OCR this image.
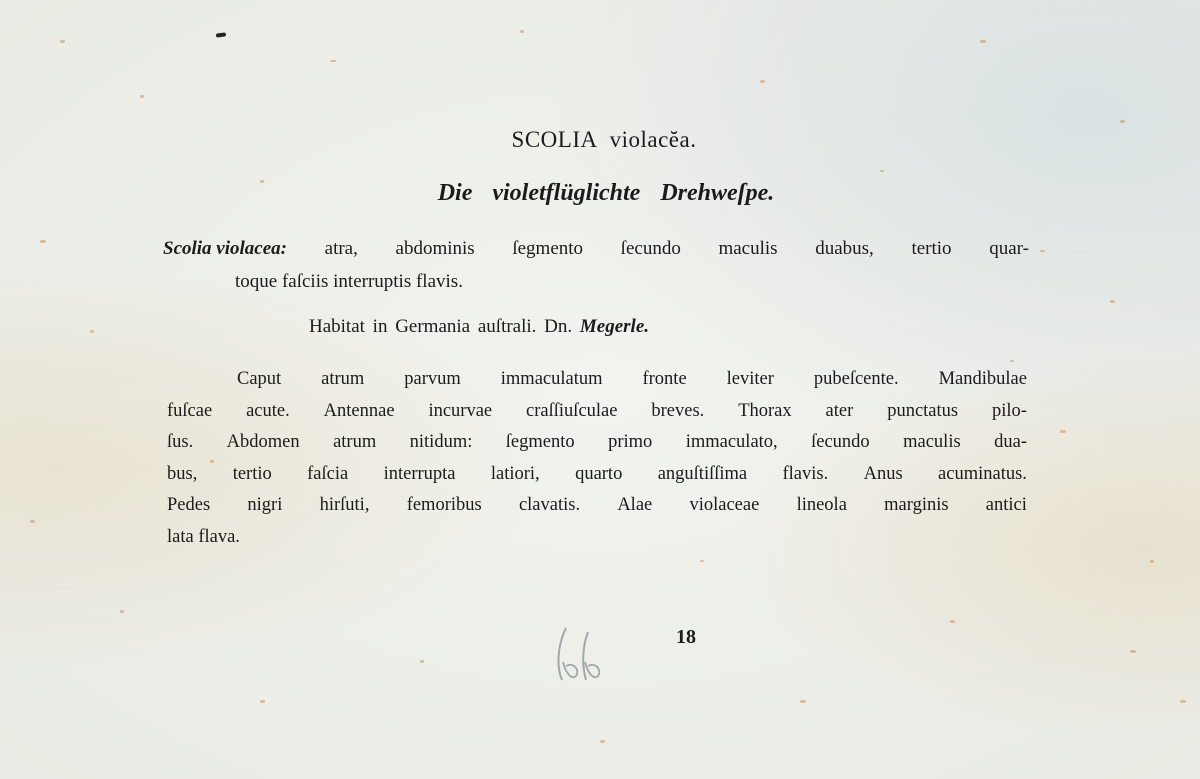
SCOLIA violacĕa.
Die violetflüglichte Drehweſpe.
Scolia violacea: atra, abdominis ſegmento ſecundo maculis duabus, tertio quar-
toque faſciis interruptis flavis.
Habitat in Germania auſtrali. Dn. Megerle.
Caput atrum parvum immaculatum fronte leviter pubeſcente. Mandibulae
fuſcae acute. Antennae incurvae craſſiuſculae breves. Thorax ater punctatus pilo-
ſus. Abdomen atrum nitidum: ſegmento primo immaculato, ſecundo maculis dua-
bus, tertio faſcia interrupta latiori, quarto anguſtiſſima flavis. Anus acuminatus.
Pedes nigri hirſuti, femoribus clavatis. Alae violaceae lineola marginis antici
lata flava.
18
